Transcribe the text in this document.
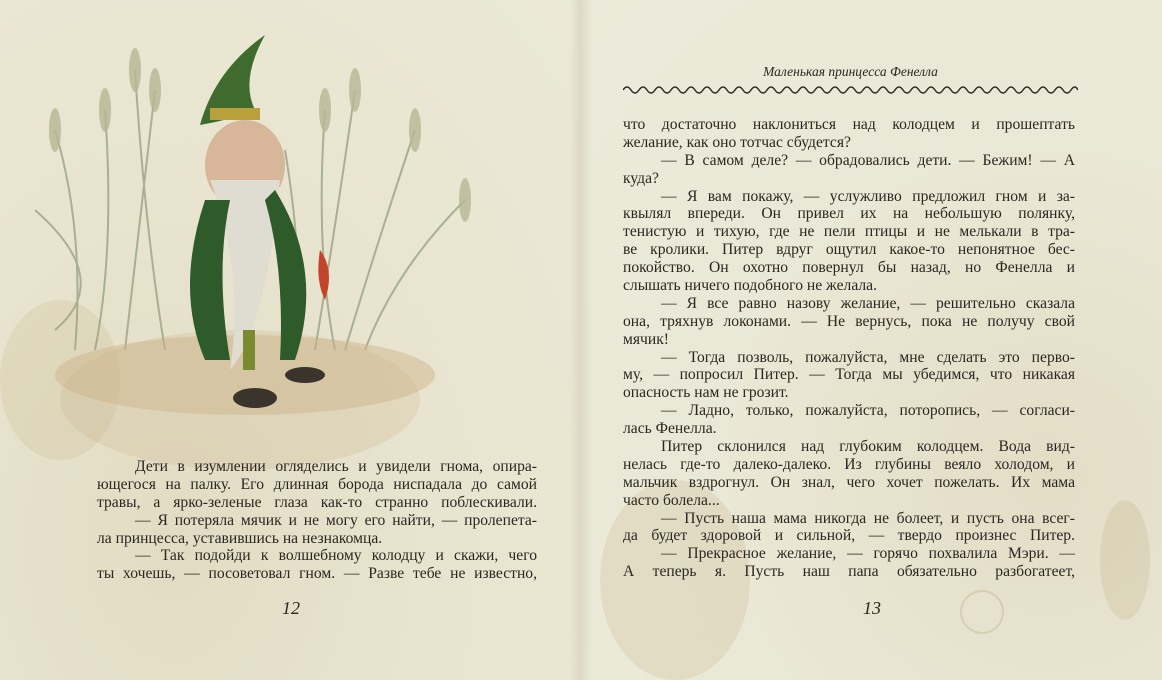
Маленькая принцесса Фенелла
Дети в изумлении огляделись и увидели гнома, опира-
ющегося на палку. Его длинная борода ниспадала до самой
травы, а ярко-зеленые глаза как-то странно поблескивали.
— Я потеряла мячик и не могу его найти, — пролепета-
ла принцесса, уставившись на незнакомца.
— Так подойди к волшебному колодцу и скажи, чего
ты хочешь, — посоветовал гном. — Разве тебе не известно,
12
что достаточно наклониться над колодцем и прошептать
желание, как оно тотчас сбудется?
— В самом деле? — обрадовались дети. — Бежим! — А
куда?
— Я вам покажу, — услужливо предложил гном и за-
квылял впереди. Он привел их на небольшую полянку,
тенистую и тихую, где не пели птицы и не мелькали в тра-
ве кролики. Питер вдруг ощутил какое-то непонятное бес-
покойство. Он охотно повернул бы назад, но Фенелла и
слышать ничего подобного не желала.
— Я все равно назову желание, — решительно сказала
она, тряхнув локонами. — Не вернусь, пока не получу свой
мячик!
— Тогда позволь, пожалуйста, мне сделать это перво-
му, — попросил Питер. — Тогда мы убедимся, что никакая
опасность нам не грозит.
— Ладно, только, пожалуйста, поторопись, — согласи-
лась Фенелла.
Питер склонился над глубоким колодцем. Вода вид-
нелась где-то далеко-далеко. Из глубины веяло холодом, и
мальчик вздрогнул. Он знал, чего хочет пожелать. Их мама
часто болела...
— Пусть наша мама никогда не болеет, и пусть она всег-
да будет здоровой и сильной, — твердо произнес Питер.
— Прекрасное желание, — горячо похвалила Мэри. —
А теперь я. Пусть наш папа обязательно разбогатеет,
13
